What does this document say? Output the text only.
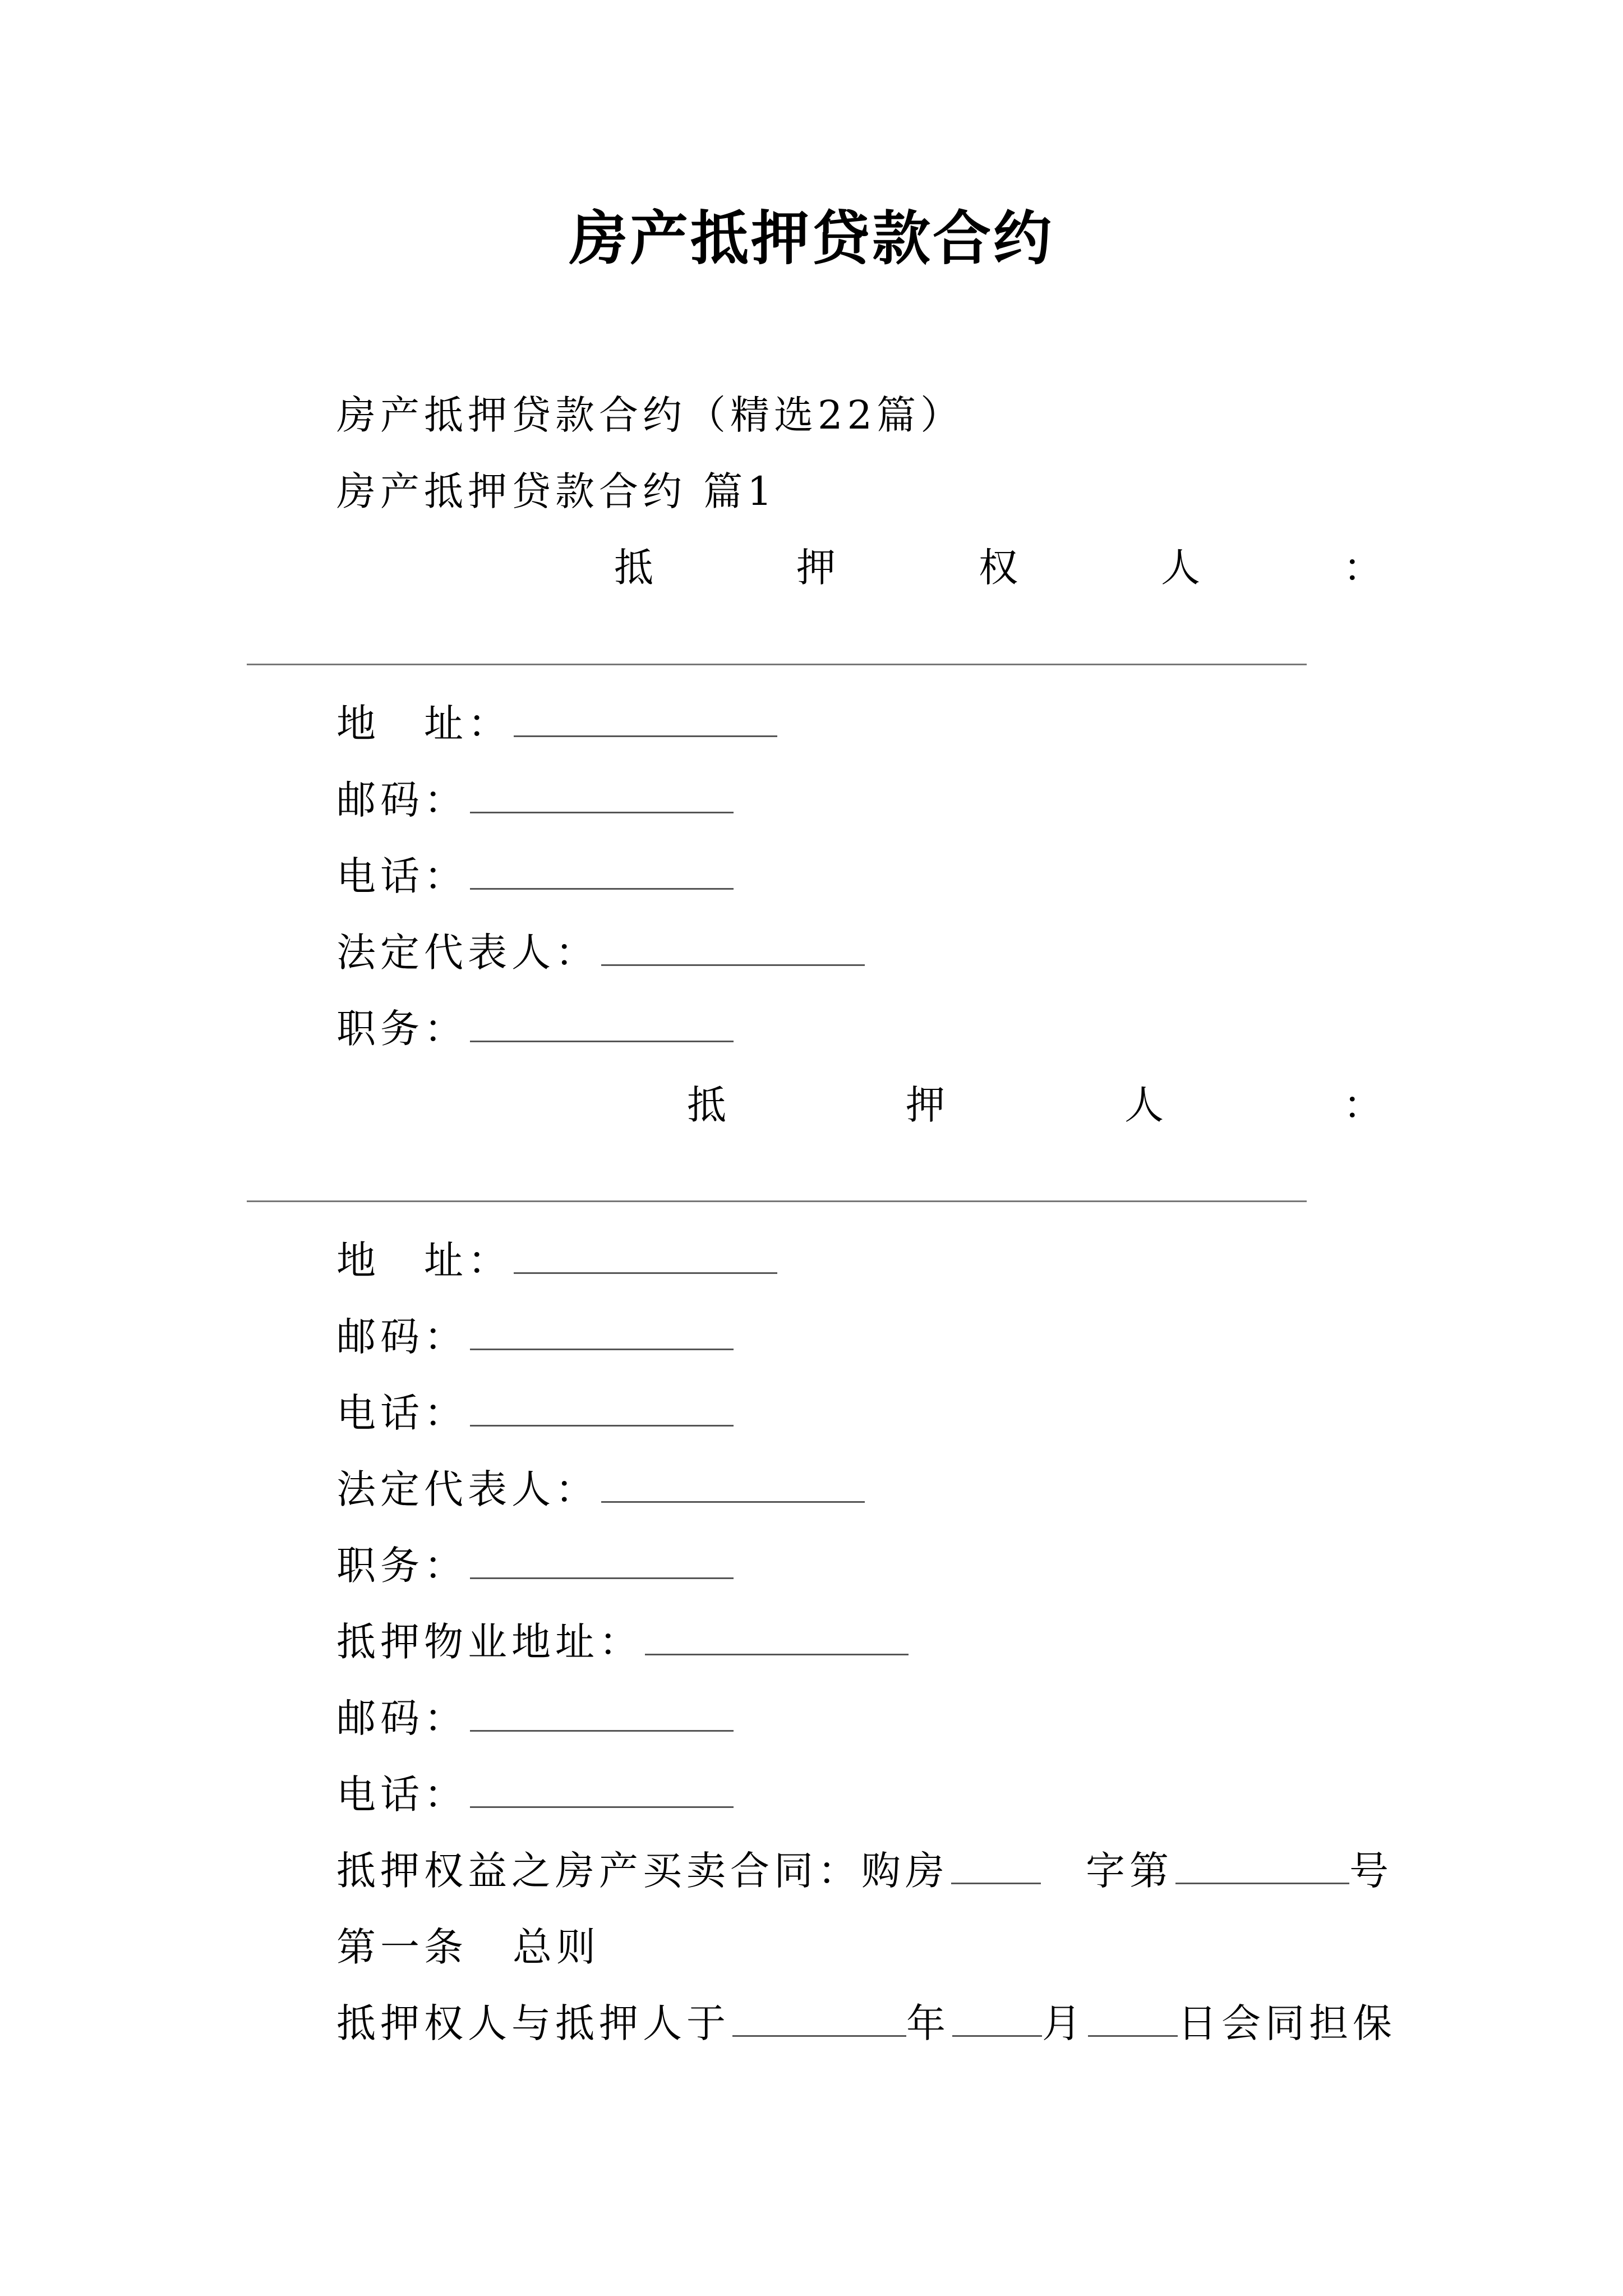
房产抵押贷款合约
房产抵押贷款合约（精选22篇）
房产抵押贷款合约 篇1
抵	押	权	人	：
地　址：
邮码：
电话：
法定代表人：
职务：
抵	押	人	：
地　址：
邮码：
电话：
法定代表人：
职务：
抵押物业地址：
邮码：
电话：
抵押权益之房产买卖合同：购房	字第	号
第一条 总则
抵押权人与抵押人于	年 月 日会同担保
